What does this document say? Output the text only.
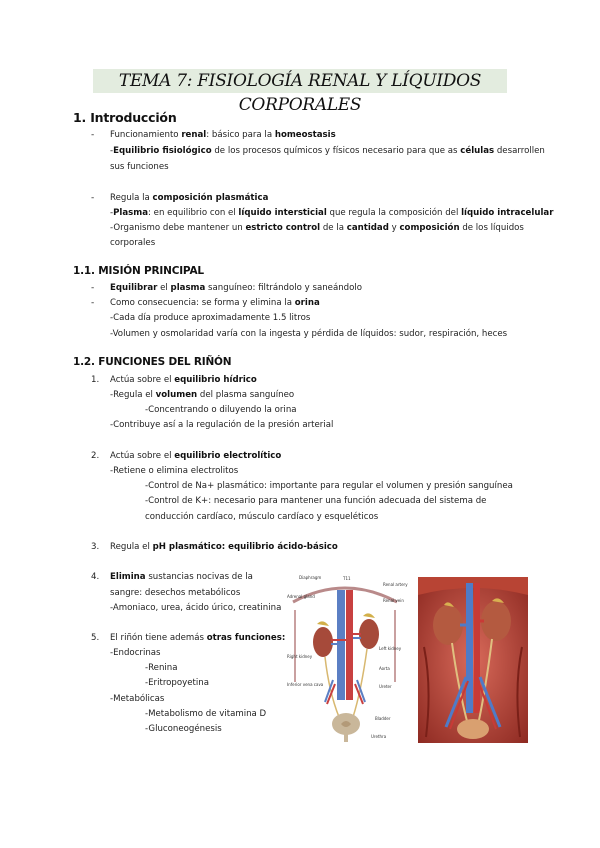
TEMA 7: FISIOLOGÍA RENAL Y LÍQUIDOS CORPORALES
1. Introducción
- Funcionamiento renal: básico para la homeostasis
-Equilibrio fisiológico de los procesos químicos y físicos necesario para que as células desarrollen
sus funciones
- Regula la composición plasmática
-Plasma: en equilibrio con el líquido intersticial que regula la composición del líquido intracelular
-Organismo debe mantener un estricto control de la cantidad y composición de los líquidos
corporales
1.1. MISIÓN PRINCIPAL
- Equilibrar el plasma sanguíneo: filtrándolo y saneándolo
- Como consecuencia: se forma y elimina la orina
-Cada día produce aproximadamente 1.5 litros
-Volumen y osmolaridad varía con la ingesta y pérdida de líquidos: sudor, respiración, heces
1.2. FUNCIONES DEL RIÑÓN
1. Actúa sobre el equilibrio hídrico
-Regula el volumen del plasma sanguíneo
-Concentrando o diluyendo la orina
-Contribuye así a la regulación de la presión arterial
2. Actúa sobre el equilibrio electrolítico
-Retiene o elimina electrolitos
-Control de Na+ plasmático: importante para regular el volumen y presión sanguínea
-Control de K+: necesario para mantener una función adecuada del sistema de
conducción cardíaco, músculo cardíaco y esqueléticos
3. Regula el pH plasmático: equilibrio ácido-básico
4. Elimina sustancias nocivas de la
sangre: desechos metabólicos
-Amoniaco, urea, ácido úrico, creatinina
5. El riñón tiene además otras funciones:
-Endocrinas
-Renina
-Eritropoyetina
-Metabólicas
-Metabolismo de vitamina D
-Gluconeogénesis
Diaphragm	T11
Renal artery
Adrenal gland
Renal vein
Left kidney
Right kidney
Aorta
Inferior vena cava	Ureter
Bladder
Urethra
